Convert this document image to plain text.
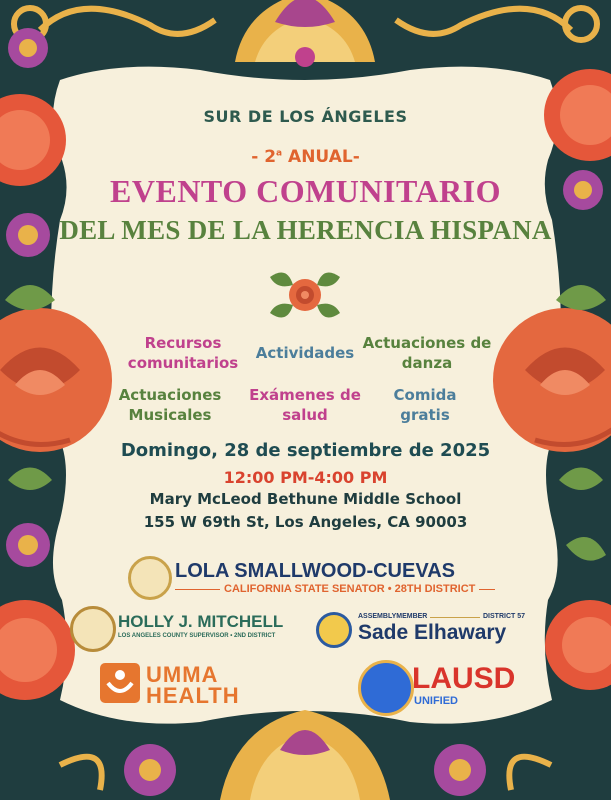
SUR DE LOS ÁNGELES
- 2$^a$ ANUAL-
EVENTO COMUNITARIO
DEL MES DE LA HERENCIA HISPANA
Recursos
comunitarios
Actividades
Actuaciones de
danza
Actuaciones
Musicales
Exámenes de
salud
Comida
gratis
Domingo, 28 de septiembre de 2025
12:00 PM-4:00 PM
Mary McLeod Bethune Middle School
155 W 69th St, Los Angeles, CA 90003
LOLA SMALLWOOD-CUEVAS
CALIFORNIA STATE SENATOR • 28TH DISTRICT
HOLLY J. MITCHELL
LOS ANGELES COUNTY SUPERVISOR • 2ND DISTRICT
ASSEMBLYMEMBER	DISTRICT 57
Sade Elhawary
UMMA
HEALTH
LAUSD
UNIFIED
